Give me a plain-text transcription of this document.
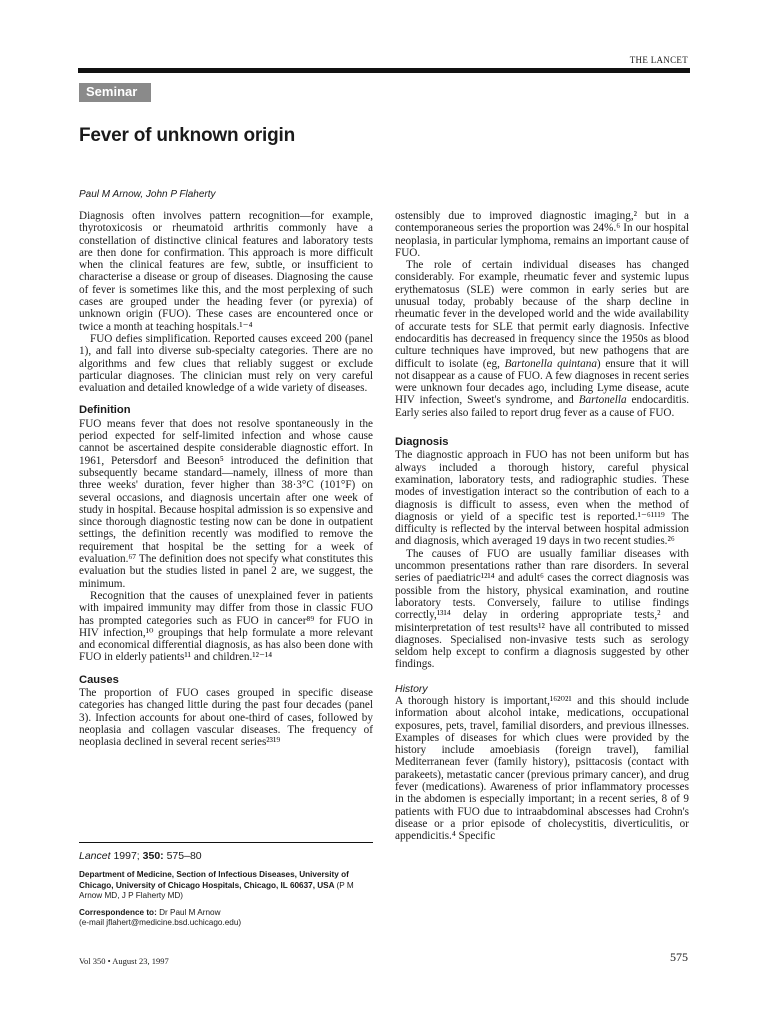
THE LANCET
Seminar
Fever of unknown origin
Paul M Arnow, John P Flaherty

Diagnosis often involves pattern recognition—for example, thyrotoxicosis or rheumatoid arthritis commonly have a constellation of distinctive clinical features and laboratory tests are then done for confirmation. This approach is more difficult when the clinical features are few, subtle, or insufficient to characterise a disease or group of diseases. Diagnosing the cause of fever is sometimes like this, and the most perplexing of such cases are grouped under the heading fever (or pyrexia) of unknown origin (FUO). These cases are encountered once or twice a month at teaching hospitals.¹⁻⁴

FUO defies simplification. Reported causes exceed 200 (panel 1), and fall into diverse sub-specialty categories. There are no algorithms and few clues that reliably suggest or exclude particular diagnoses. The clinician must rely on very careful evaluation and detailed knowledge of a wide variety of diseases.

Definition

FUO means fever that does not resolve spontaneously in the period expected for self-limited infection and whose cause cannot be ascertained despite considerable diagnostic effort. In 1961, Petersdorf and Beeson⁵ introduced the definition that subsequently became standard—namely, illness of more than three weeks' duration, fever higher than 38·3°C (101°F) on several occasions, and diagnosis uncertain after one week of study in hospital. Because hospital admission is so expensive and since thorough diagnostic testing now can be done in outpatient settings, the definition recently was modified to remove the requirement that hospital be the setting for a week of evaluation.⁶⁷ The definition does not specify what constitutes this evaluation but the studies listed in panel 2 are, we suggest, the minimum.

Recognition that the causes of unexplained fever in patients with impaired immunity may differ from those in classic FUO has prompted categories such as FUO in cancer⁸⁹ for FUO in HIV infection,¹⁰ groupings that help formulate a more relevant and economical differential diagnosis, as has also been done with FUO in elderly patients¹¹ and children.¹²⁻¹⁴

Causes

The proportion of FUO cases grouped in specific disease categories has changed little during the past four decades (panel 3). Infection accounts for about one-third of cases, followed by neoplasia and collagen vascular diseases. The frequency of neoplasia declined in several recent series²³¹⁹

Lancet 1997; 350: 575–80
Department of Medicine, Section of Infectious Diseases, University of Chicago, University of Chicago Hospitals, Chicago, IL 60637, USA (P M Arnow MD, J P Flaherty MD)
Correspondence to: Dr Paul M Arnow
(e-mail jflahert@medicine.bsd.uchicago.edu)

ostensibly due to improved diagnostic imaging,² but in a contemporaneous series the proportion was 24%.⁶ In our hospital neoplasia, in particular lymphoma, remains an important cause of FUO.

The role of certain individual diseases has changed considerably. For example, rheumatic fever and systemic lupus erythematosus (SLE) were common in early series but are unusual today, probably because of the sharp decline in rheumatic fever in the developed world and the wide availability of accurate tests for SLE that permit early diagnosis. Infective endocarditis has decreased in frequency since the 1950s as blood culture techniques have improved, but new pathogens that are difficult to isolate (eg, Bartonella quintana) ensure that it will not disappear as a cause of FUO. A few diagnoses in recent series were unknown four decades ago, including Lyme disease, acute HIV infection, Sweet's syndrome, and Bartonella endocarditis. Early series also failed to report drug fever as a cause of FUO.

Diagnosis

The diagnostic approach in FUO has not been uniform but has always included a thorough history, careful physical examination, laboratory tests, and radiographic studies. These modes of investigation interact so the contribution of each to a diagnosis is difficult to assess, even when the method of diagnosis or yield of a specific test is reported.¹⁻⁶¹¹¹⁹ The difficulty is reflected by the interval between hospital admission and diagnosis, which averaged 19 days in two recent studies.²⁶

The causes of FUO are usually familiar diseases with uncommon presentations rather than rare disorders. In several series of paediatric¹²¹⁴ and adult⁶ cases the correct diagnosis was possible from the history, physical examination, and routine laboratory tests. Conversely, failure to utilise findings correctly,¹³¹⁴ delay in ordering appropriate tests,² and misinterpretation of test results¹² have all contributed to missed diagnoses. Specialised non-invasive tests such as serology seldom help except to confirm a diagnosis suggested by other findings.

History

A thorough history is important,¹⁶²⁰²¹ and this should include information about alcohol intake, medications, occupational exposures, pets, travel, familial disorders, and previous illnesses. Examples of diseases for which clues were provided by the history include amoebiasis (foreign travel), familial Mediterranean fever (family history), psittacosis (contact with parakeets), metastatic cancer (previous primary cancer), and drug fever (medications). Awareness of prior inflammatory processes in the abdomen is especially important; in a recent series, 8 of 9 patients with FUO due to intraabdominal abscesses had Crohn's disease or a prior episode of cholecystitis, diverticulitis, or appendicitis.⁴ Specific

Vol 350 • August 23, 1997	575
